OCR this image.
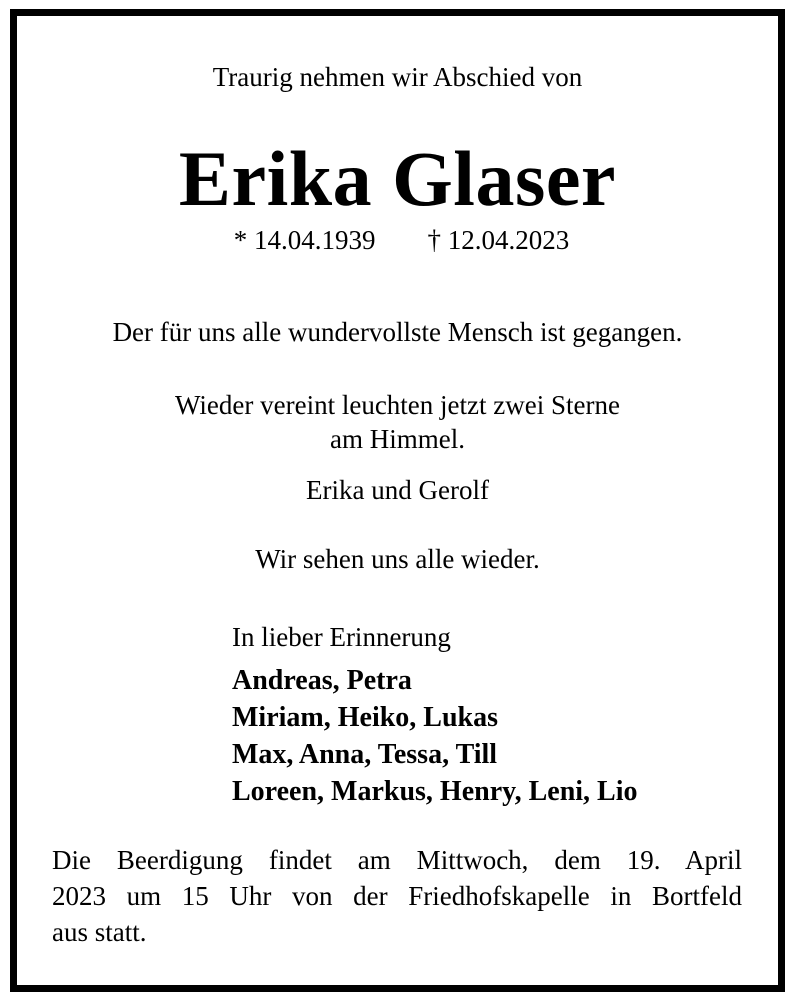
Traurig nehmen wir Abschied von
Erika Glaser
* 14.04.1939 † 12.04.2023
Der für uns alle wundervollste Mensch ist gegangen.
Wieder vereint leuchten jetzt zwei Sterne
am Himmel.
Erika und Gerolf
Wir sehen uns alle wieder.
In lieber Erinnerung
Andreas, Petra
Miriam, Heiko, Lukas
Max, Anna, Tessa, Till
Loreen, Markus, Henry, Leni, Lio
Die Beerdigung findet am Mittwoch, dem 19. April
2023 um 15 Uhr von der Friedhofskapelle in Bortfeld
aus statt.
